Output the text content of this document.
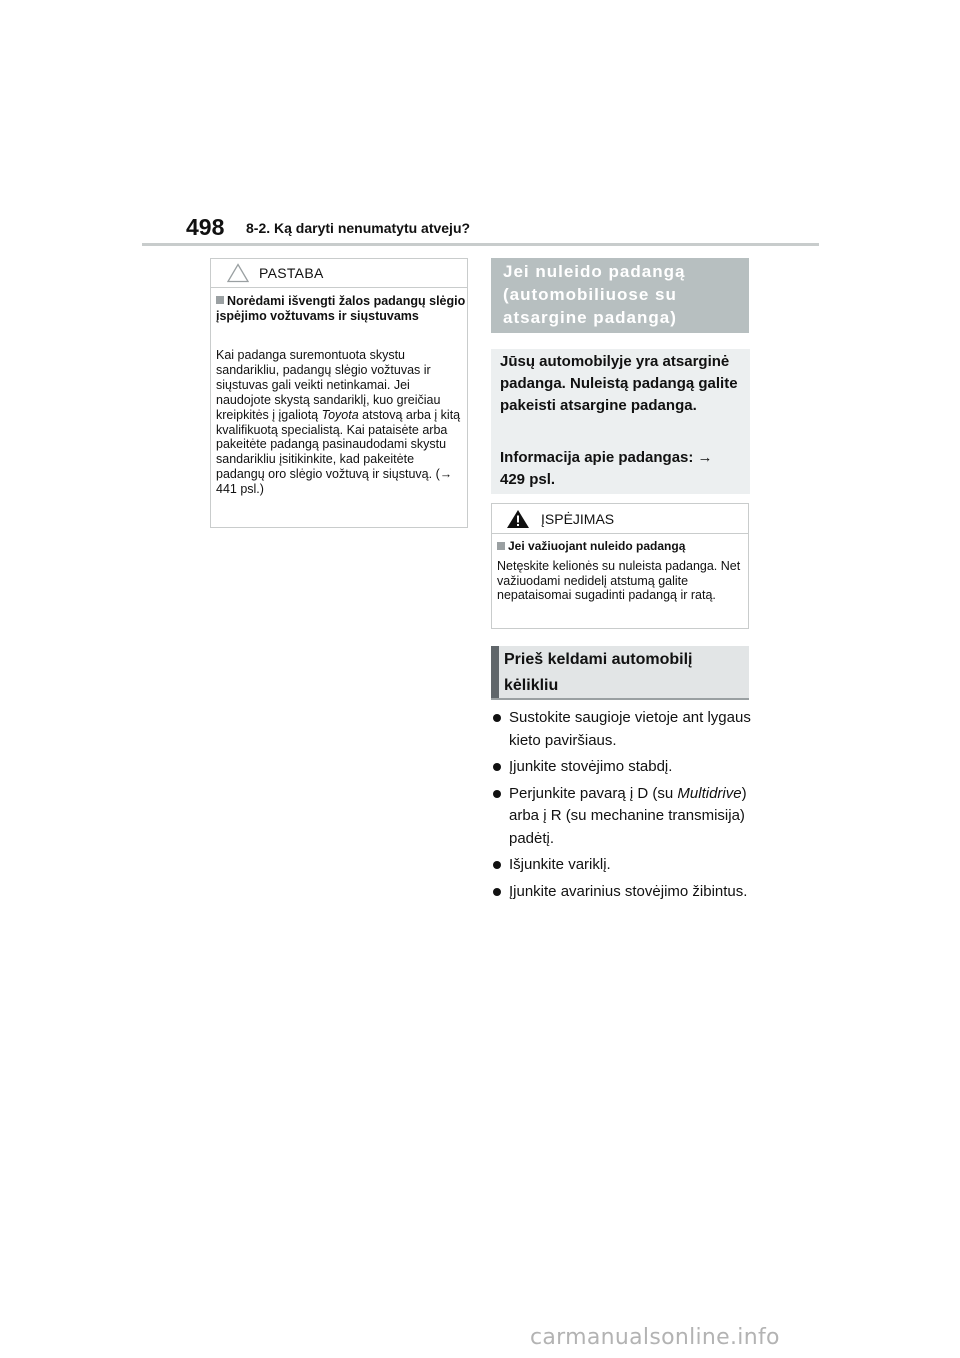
498 8-2. Ką daryti nenumatytu atveju?
PASTABA
Norėdami išvengti žalos padangų slėgio įspėjimo vožtuvams ir siųstuvams
Kai padanga suremontuota skystu sandarikliu, padangų slėgio vožtuvas ir siųstuvas gali veikti netinkamai. Jei naudojote skystą sandariklį, kuo greičiau kreipkitės į įgaliotą Toyota atstovą arba į kitą kvalifikuotą specialistą. Kai pataisėte arba pakeitėte padangą pasinaudodami skystu sandarikliu įsitikinkite, kad pakeitėte padangų oro slėgio vožtuvą ir siųstuvą. (→ 441 psl.)
Jei nuleido padangą (automobiliuose su atsargine padanga)
Jūsų automobilyje yra atsarginė padanga. Nuleistą padangą galite pakeisti atsargine padanga.
Informacija apie padangas: → 429 psl.
ĮSPĖJIMAS
Jei važiuojant nuleido padangą
Netęskite kelionės su nuleista padanga. Net važiuodami nedidelį atstumą galite nepataisomai sugadinti padangą ir ratą.
Prieš keldami automobilį kėlikliu
Sustokite saugioje vietoje ant lygaus kieto paviršiaus.
Įjunkite stovėjimo stabdį.
Perjunkite pavarą į D (su Multidrive) arba į R (su mechanine transmisija) padėtį.
Išjunkite variklį.
Įjunkite avarinius stovėjimo žibintus.
carmanualsonline.info
